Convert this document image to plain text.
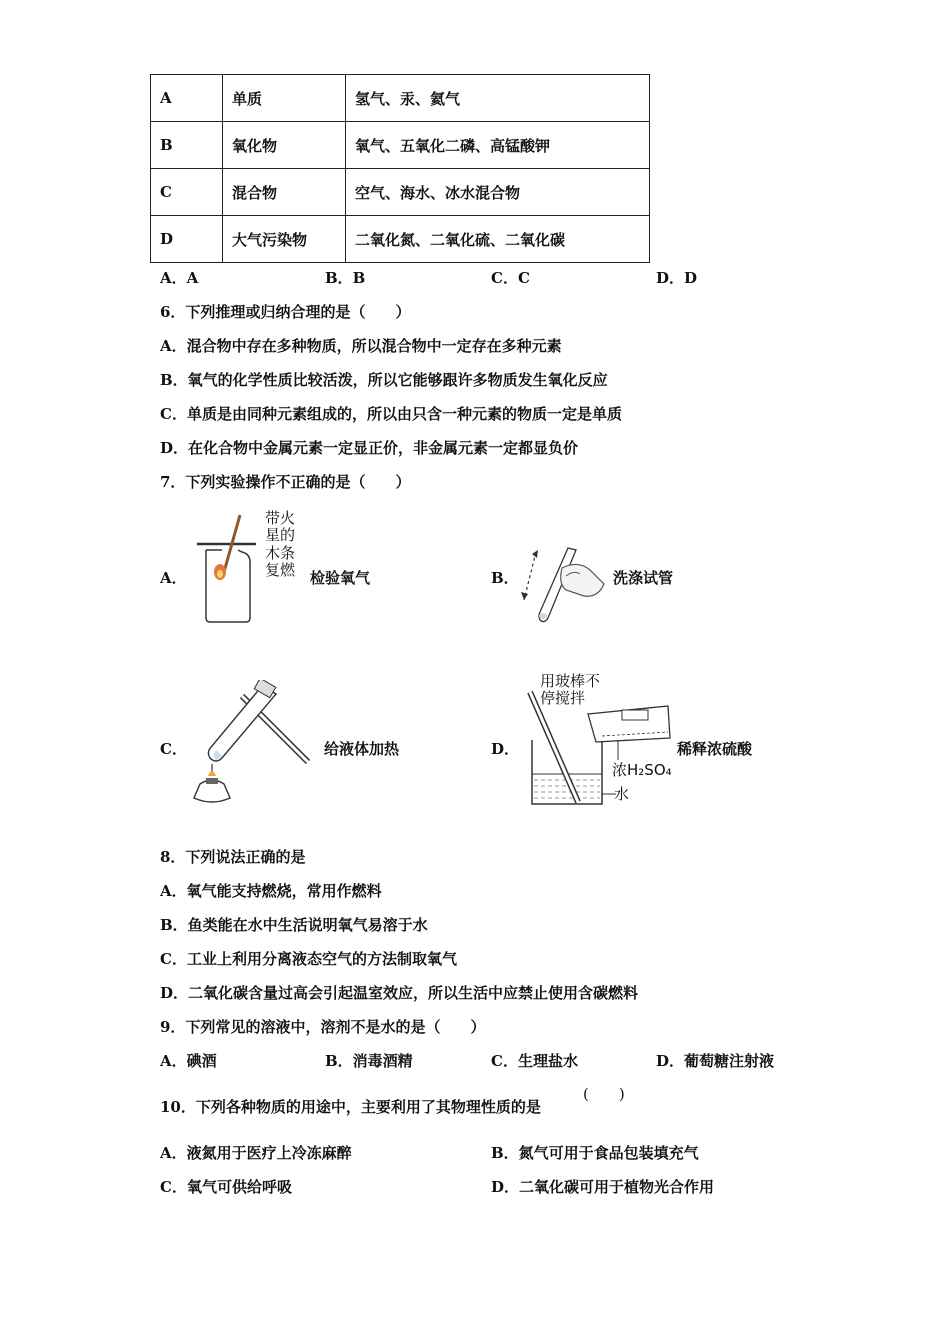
A	单质	氢气、汞、氦气
B	氧化物	氧气、五氧化二磷、高锰酸钾
C	混合物	空气、海水、冰水混合物
D	大气污染物	二氧化氮、二氧化硫、二氧化碳
A．A	B．B	C．C	D．D
6．下列推理或归纳合理的是（　　）
A．混合物中存在多种物质，所以混合物中一定存在多种元素
B．氧气的化学性质比较活泼，所以它能够跟许多物质发生氧化反应
C．单质是由同种元素组成的，所以由只含一种元素的物质一定是单质
D．在化合物中金属元素一定显正价，非金属元素一定都显负价
7．下列实验操作不正确的是（　　）
A．
带火
星的
木条
复燃 检验氧气	B．	洗涤试管
C．	给液体加热	D．
用玻棒不
停搅拌
浓H₂SO₄
水
稀释浓硫酸
8．下列说法正确的是
A．氧气能支持燃烧，常用作燃料
B．鱼类能在水中生活说明氧气易溶于水
C．工业上利用分离液态空气的方法制取氧气
D．二氧化碳含量过高会引起温室效应，所以生活中应禁止使用含碳燃料
9．下列常见的溶液中，溶剂不是水的是（　　）
A．碘酒	B．消毒酒精	C．生理盐水	D．葡萄糖注射液
10．下列各种物质的用途中，主要利用了其物理性质的是
(　　)
A．液氮用于医疗上冷冻麻醉	B．氮气可用于食品包装填充气
C．氧气可供给呼吸	D．二氧化碳可用于植物光合作用
